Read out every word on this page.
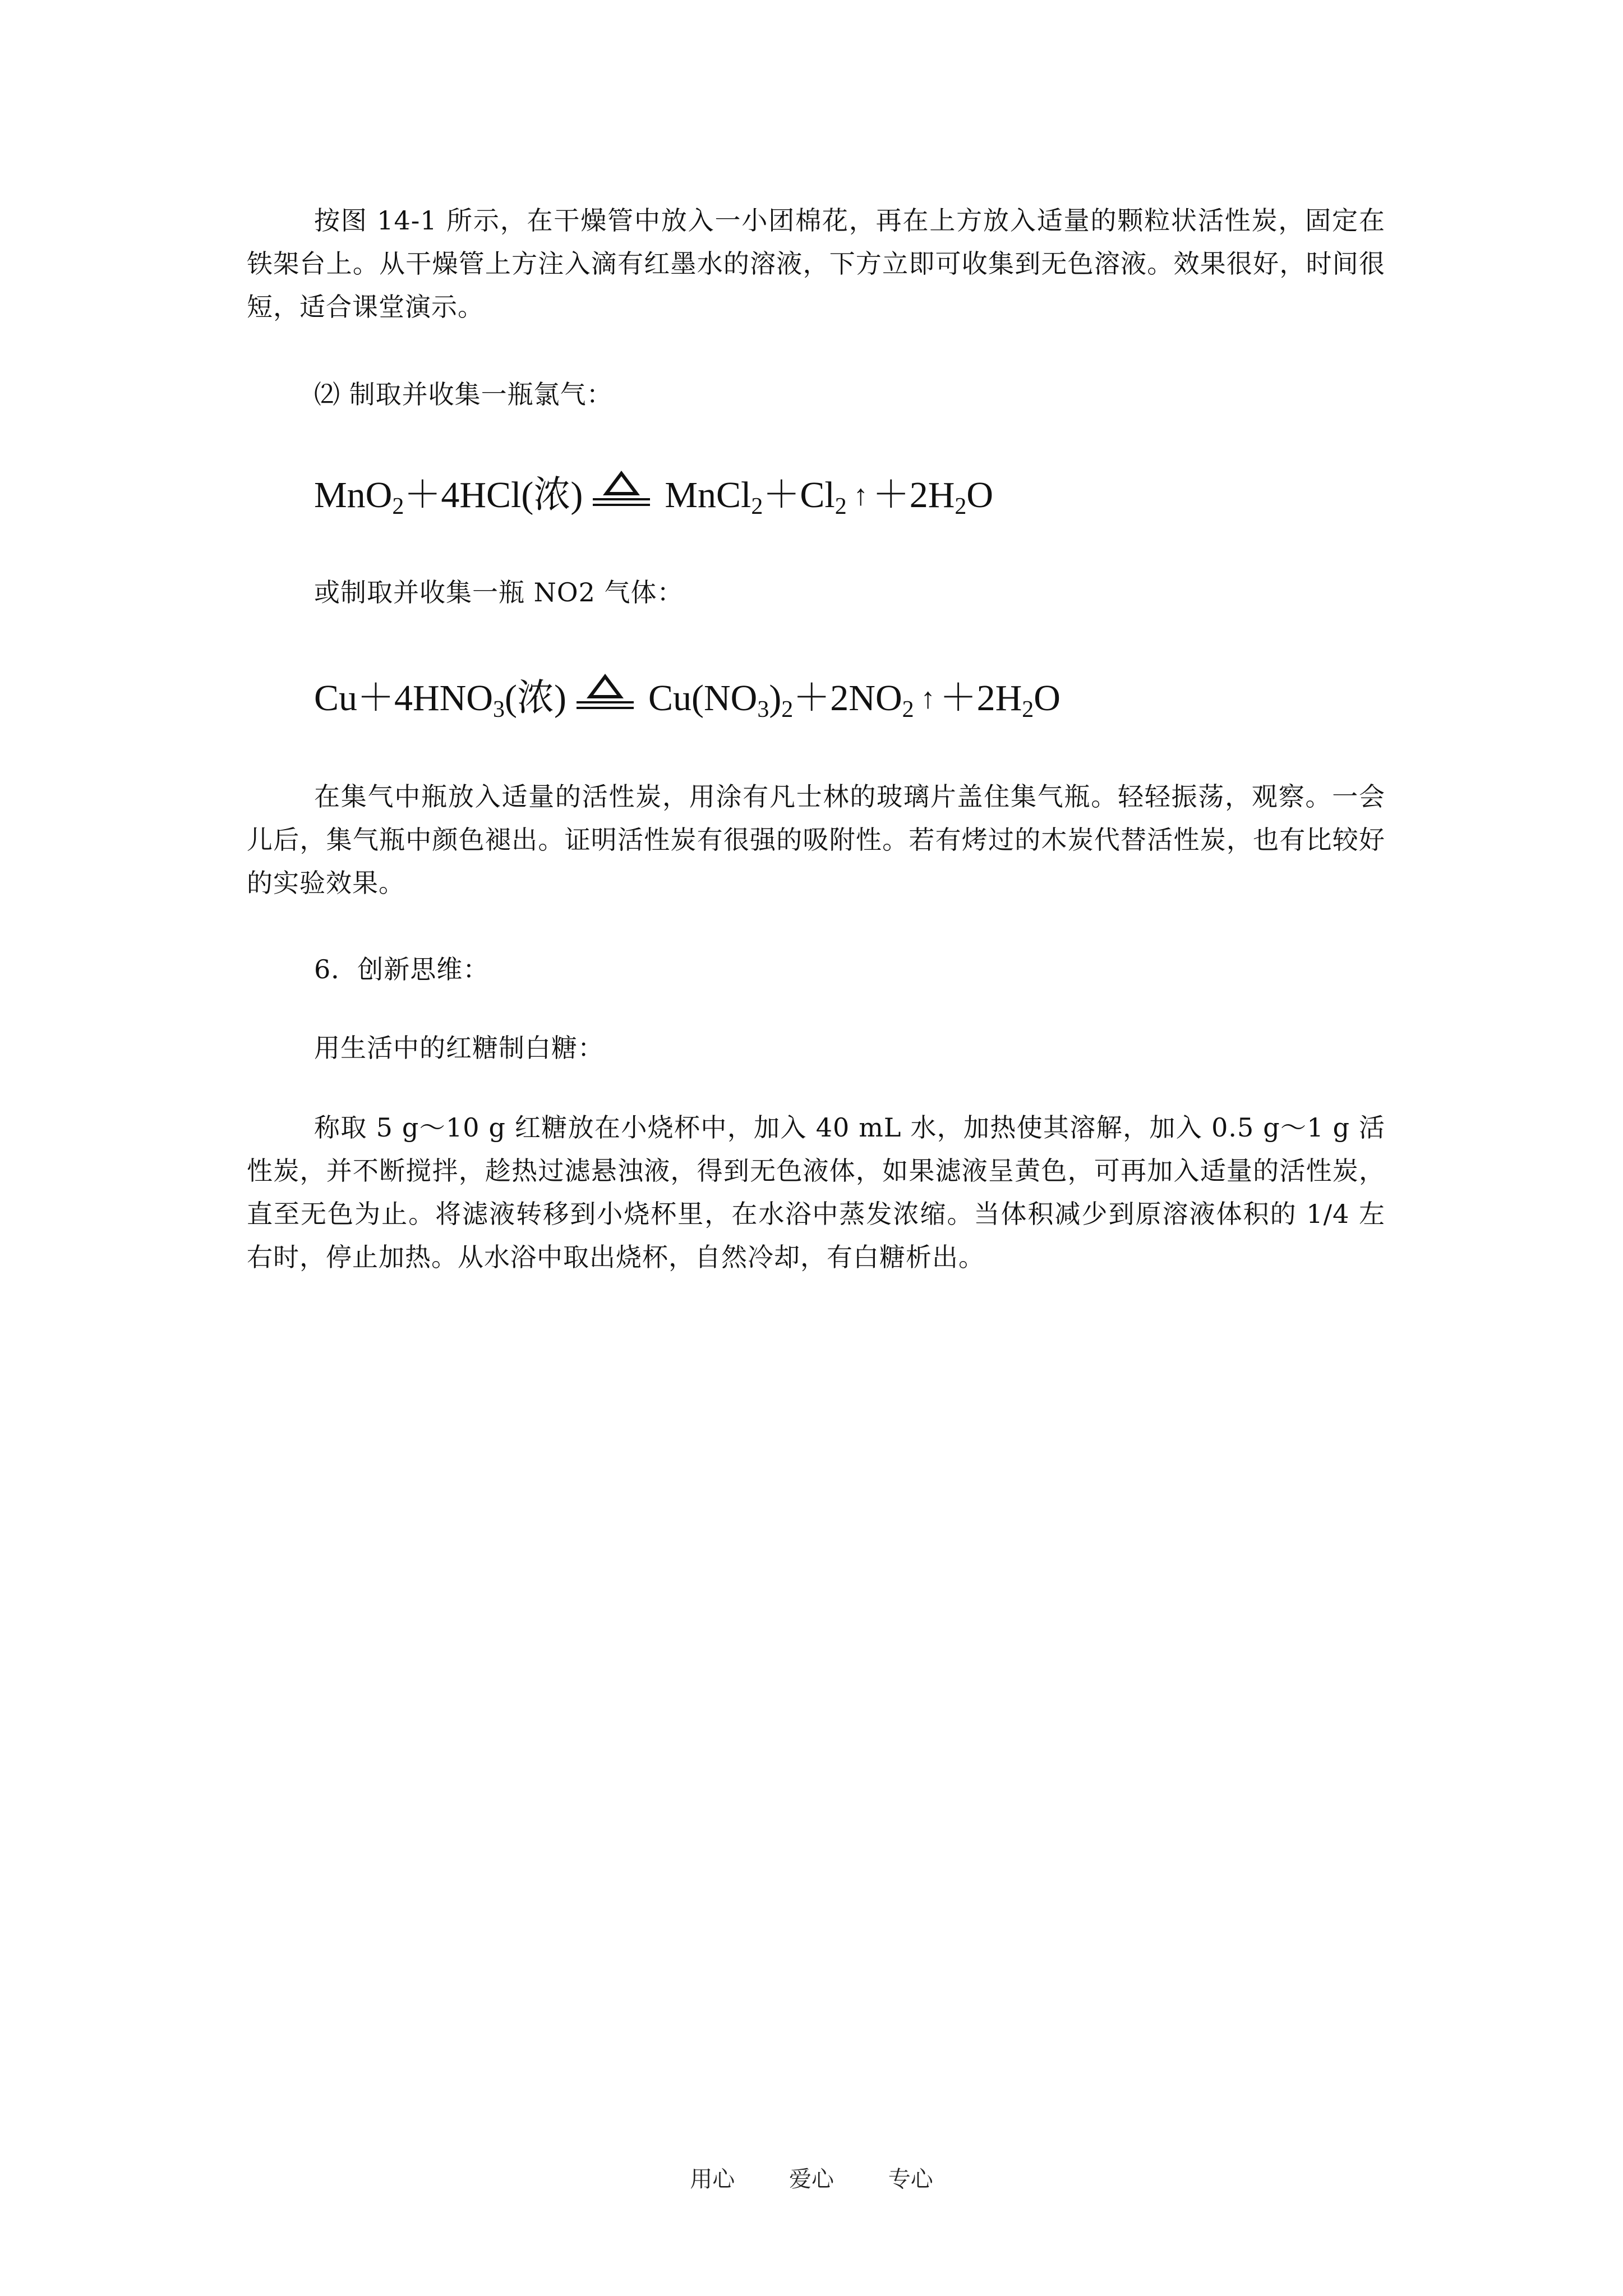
按图 14-1 所示，在干燥管中放入一小团棉花，再在上方放入适量的颗粒状活性炭，固定在铁架台上。从干燥管上方注入滴有红墨水的溶液，下方立即可收集到无色溶液。效果很好，时间很短，适合课堂演示。

⑵ 制取并收集一瓶氯气：

MnO$_2$＋4HCl(浓) $MnCl_2+Cl_2$ ↑ $+2H_2O$

或制取并收集一瓶 NO2 气体：

$Cu+4HNO_3$(浓) $Cu(NO_3)_2+2NO_2$ ↑ $+2H_2O$

在集气中瓶放入适量的活性炭，用涂有凡士林的玻璃片盖住集气瓶。轻轻振荡，观察。一会儿后，集气瓶中颜色褪出。证明活性炭有很强的吸附性。若有烤过的木炭代替活性炭，也有比较好的实验效果。

6．创新思维：

用生活中的红糖制白糖：

称取 5 g～10 g 红糖放在小烧杯中，加入 40 mL 水，加热使其溶解，加入 0.5 g～1 g 活性炭，并不断搅拌，趁热过滤悬浊液，得到无色液体，如果滤液呈黄色，可再加入适量的活性炭，直至无色为止。将滤液转移到小烧杯里，在水浴中蒸发浓缩。当体积减少到原溶液体积的 1/4 左右时，停止加热。从水浴中取出烧杯，自然冷却，有白糖析出。

用心 爱心 专心
